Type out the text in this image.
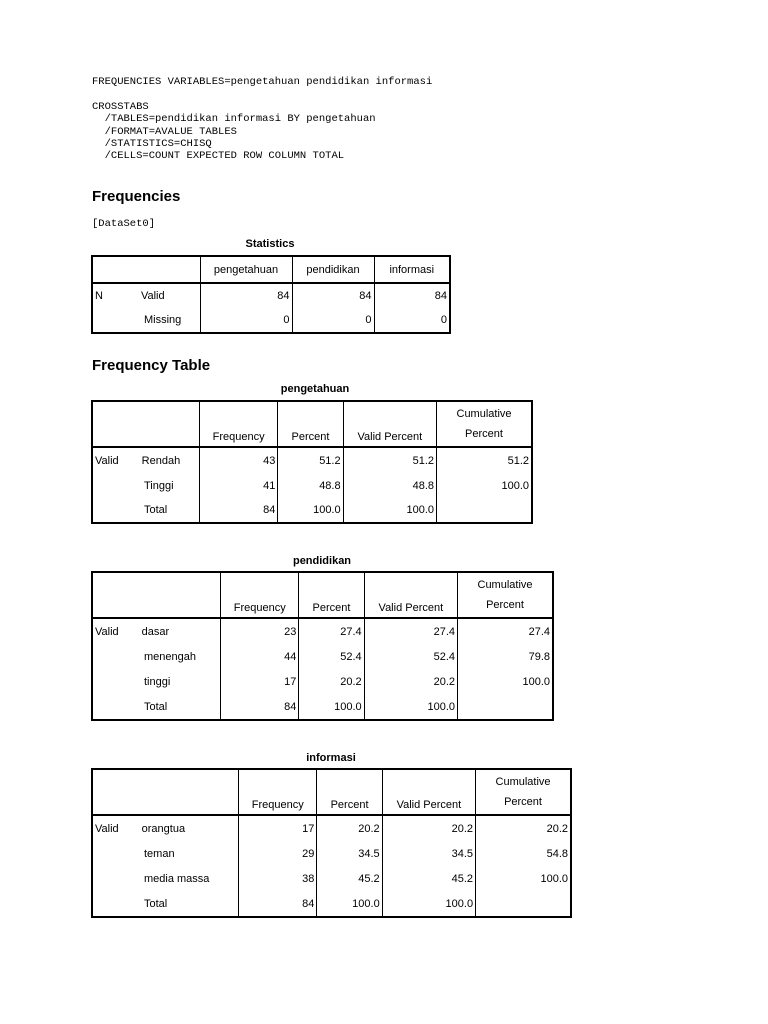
FREQUENCIES VARIABLES=pengetahuan pendidikan informasi

CROSSTABS
/TABLES=pendidikan informasi BY pengetahuan
/FORMAT=AVALUE TABLES
/STATISTICS=CHISQ
/CELLS=COUNT EXPECTED ROW COLUMN TOTAL
Frequencies
[DataSet0]
Statistics
	pengetahuan	pendidikan	informasi
N Valid	84	84	84
Missing	0	0	0
Frequency Table
pengetahuan
	Frequency	Percent	Valid Percent	Cumulative
Percent
Valid Rendah	43	51.2	51.2	51.2
Tinggi	41	48.8	48.8	100.0
Total	84	100.0	100.0	
pendidikan
	Frequency	Percent	Valid Percent	Cumulative
Percent
Valid dasar	23	27.4	27.4	27.4
menengah	44	52.4	52.4	79.8
tinggi	17	20.2	20.2	100.0
Total	84	100.0	100.0	
informasi
	Frequency	Percent	Valid Percent	Cumulative
Percent
Valid orangtua	17	20.2	20.2	20.2
teman	29	34.5	34.5	54.8
media massa	38	45.2	45.2	100.0
Total	84	100.0	100.0	
